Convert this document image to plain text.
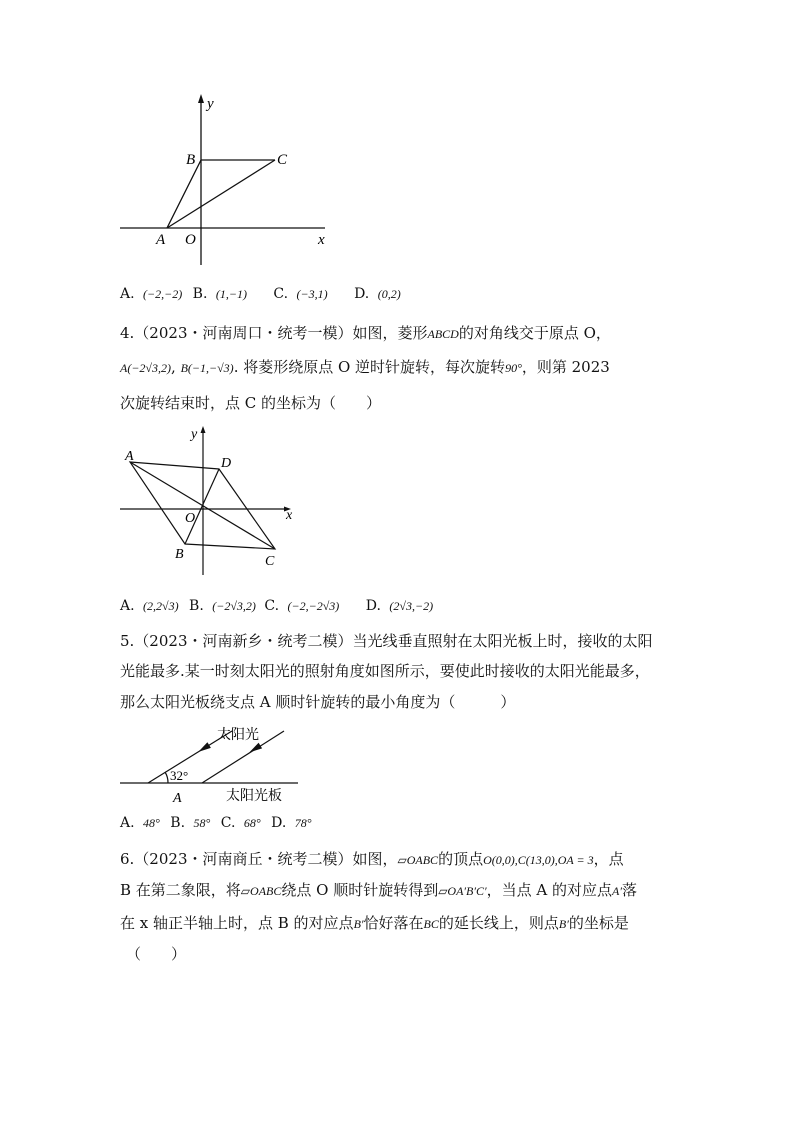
y
x
B	C
A O
A. (−2,−2) B. (1,−1) C. (−3,1) D. (0,2)
4.（2023・河南周口・统考一模）如图，菱形ABCD的对角线交于原点 O，
A(−2√3,2), B(−1,−√3). 将菱形绕原点 O 逆时针旋转，每次旋转90°，则第 2023
次旋转结束时，点 C 的坐标为（　　）
y
x
A	D
O
B	C
A. (2,2√3) B. (−2√3,2) C. (−2,−2√3) D. (2√3,−2)
5.（2023・河南新乡・统考二模）当光线垂直照射在太阳光板上时，接收的太阳
光能最多.某一时刻太阳光的照射角度如图所示，要使此时接收的太阳光能最多，
那么太阳光板绕支点 A 顺时针旋转的最小角度为（　　　）
太阳光
32°
A	太阳光板
A. 48° B. 58° C. 68° D. 78°
6.（2023・河南商丘・统考二模）如图，▱OABC的顶点O(0,0),C(13,0),OA = 3，点
B 在第二象限，将▱OABC绕点 O 顺时针旋转得到▱OA′B′C′，当点 A 的对应点A′落
在 x 轴正半轴上时，点 B 的对应点B′恰好落在BC的延长线上，则点B′的坐标是
（　　）
